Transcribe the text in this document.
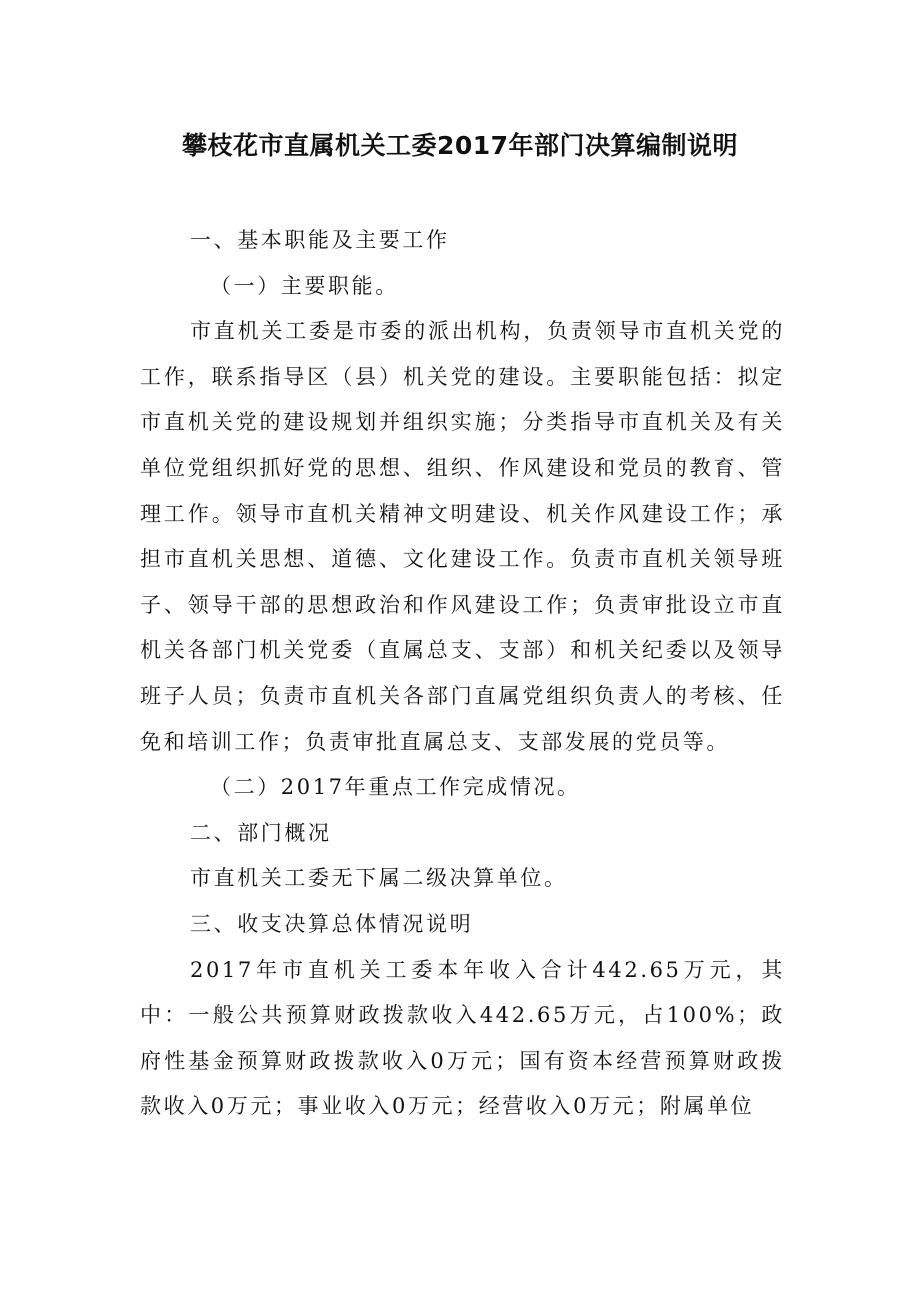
攀枝花市直属机关工委2017年部门决算编制说明

一、基本职能及主要工作

（一）主要职能。

市直机关工委是市委的派出机构，负责领导市直机关党的工作，联系指导区（县）机关党的建设。主要职能包括：拟定市直机关党的建设规划并组织实施；分类指导市直机关及有关单位党组织抓好党的思想、组织、作风建设和党员的教育、管理工作。领导市直机关精神文明建设、机关作风建设工作；承担市直机关思想、道德、文化建设工作。负责市直机关领导班子、领导干部的思想政治和作风建设工作；负责审批设立市直机关各部门机关党委（直属总支、支部）和机关纪委以及领导班子人员；负责市直机关各部门直属党组织负责人的考核、任免和培训工作；负责审批直属总支、支部发展的党员等。

（二）2017年重点工作完成情况。

二、部门概况

市直机关工委无下属二级决算单位。

三、收支决算总体情况说明

2017年市直机关工委本年收入合计442.65万元，其中：一般公共预算财政拨款收入442.65万元，占100%；政府性基金预算财政拨款收入0万元；国有资本经营预算财政拨款收入0万元；事业收入0万元；经营收入0万元；附属单位
